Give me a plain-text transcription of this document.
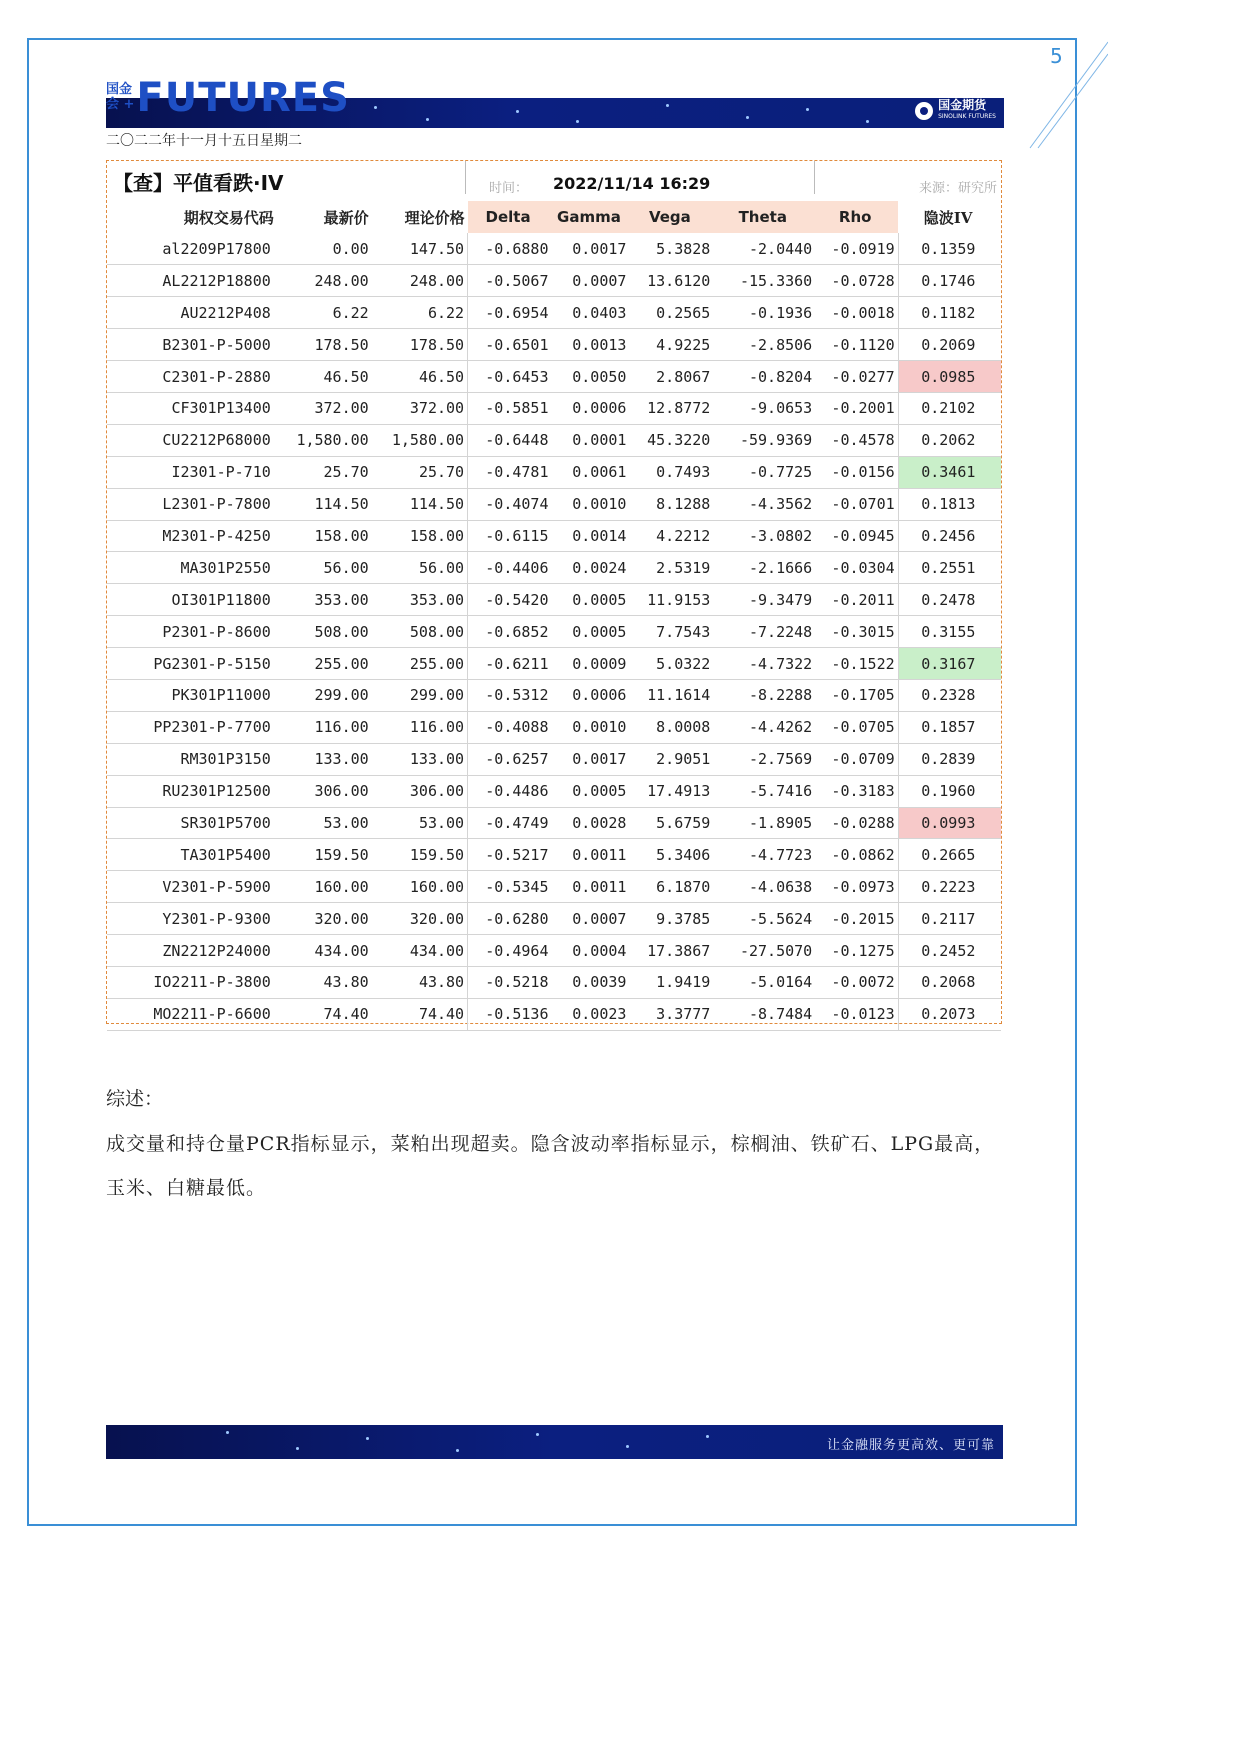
5
国金
会 + FUTURES	国金期货
SINOLINK FUTURES
二〇二二年十一月十五日星期二
【查】平值看跌·IV	时间： 2022/11/14 16:29	来源：研究所
期权交易代码	最新价	理论价格	Delta	Gamma	Vega	Theta	Rho	隐波IV
al2209P17800	0.00	147.50	-0.6880	0.0017	5.3828	-2.0440	-0.0919	0.1359
AL2212P18800	248.00	248.00	-0.5067	0.0007	13.6120	-15.3360	-0.0728	0.1746
AU2212P408	6.22	6.22	-0.6954	0.0403	0.2565	-0.1936	-0.0018	0.1182
B2301-P-5000	178.50	178.50	-0.6501	0.0013	4.9225	-2.8506	-0.1120	0.2069
C2301-P-2880	46.50	46.50	-0.6453	0.0050	2.8067	-0.8204	-0.0277	0.0985
CF301P13400	372.00	372.00	-0.5851	0.0006	12.8772	-9.0653	-0.2001	0.2102
CU2212P68000	1,580.00	1,580.00	-0.6448	0.0001	45.3220	-59.9369	-0.4578	0.2062
I2301-P-710	25.70	25.70	-0.4781	0.0061	0.7493	-0.7725	-0.0156	0.3461
L2301-P-7800	114.50	114.50	-0.4074	0.0010	8.1288	-4.3562	-0.0701	0.1813
M2301-P-4250	158.00	158.00	-0.6115	0.0014	4.2212	-3.0802	-0.0945	0.2456
MA301P2550	56.00	56.00	-0.4406	0.0024	2.5319	-2.1666	-0.0304	0.2551
OI301P11800	353.00	353.00	-0.5420	0.0005	11.9153	-9.3479	-0.2011	0.2478
P2301-P-8600	508.00	508.00	-0.6852	0.0005	7.7543	-7.2248	-0.3015	0.3155
PG2301-P-5150	255.00	255.00	-0.6211	0.0009	5.0322	-4.7322	-0.1522	0.3167
PK301P11000	299.00	299.00	-0.5312	0.0006	11.1614	-8.2288	-0.1705	0.2328
PP2301-P-7700	116.00	116.00	-0.4088	0.0010	8.0008	-4.4262	-0.0705	0.1857
RM301P3150	133.00	133.00	-0.6257	0.0017	2.9051	-2.7569	-0.0709	0.2839
RU2301P12500	306.00	306.00	-0.4486	0.0005	17.4913	-5.7416	-0.3183	0.1960
SR301P5700	53.00	53.00	-0.4749	0.0028	5.6759	-1.8905	-0.0288	0.0993
TA301P5400	159.50	159.50	-0.5217	0.0011	5.3406	-4.7723	-0.0862	0.2665
V2301-P-5900	160.00	160.00	-0.5345	0.0011	6.1870	-4.0638	-0.0973	0.2223
Y2301-P-9300	320.00	320.00	-0.6280	0.0007	9.3785	-5.5624	-0.2015	0.2117
ZN2212P24000	434.00	434.00	-0.4964	0.0004	17.3867	-27.5070	-0.1275	0.2452
IO2211-P-3800	43.80	43.80	-0.5218	0.0039	1.9419	-5.0164	-0.0072	0.2068
MO2211-P-6600	74.40	74.40	-0.5136	0.0023	3.3777	-8.7484	-0.0123	0.2073
综述：
成交量和持仓量PCR指标显示，菜粕出现超卖。隐含波动率指标显示，棕榈油、铁矿石、LPG最高，玉米、白糖最低。
让金融服务更高效、更可靠
